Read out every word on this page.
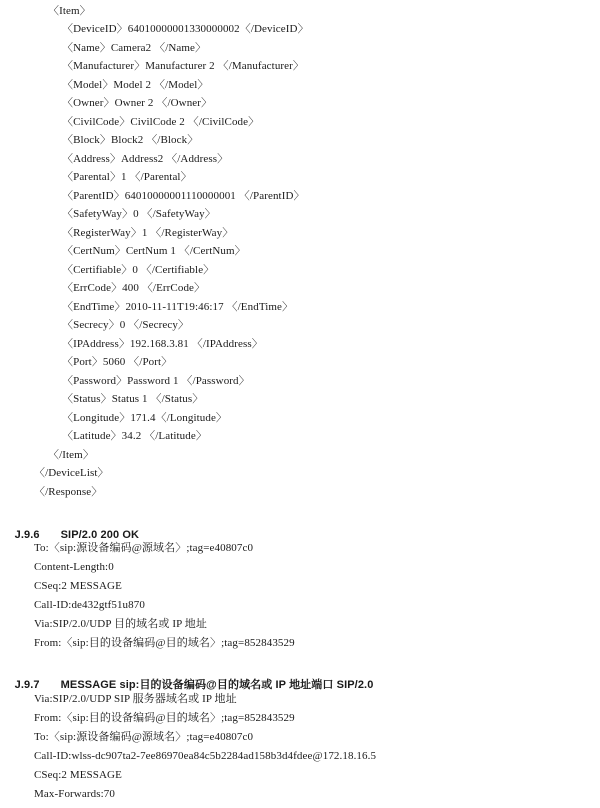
〈Item〉
〈DeviceID〉64010000001330000002〈/DeviceID〉
〈Name〉Camera2 〈/Name〉
〈Manufacturer〉Manufacturer 2 〈/Manufacturer〉
〈Model〉Model 2 〈/Model〉
〈Owner〉Owner 2 〈/Owner〉
〈CivilCode〉CivilCode 2 〈/CivilCode〉
〈Block〉Block2 〈/Block〉
〈Address〉Address2 〈/Address〉
〈Parental〉1 〈/Parental〉
〈ParentID〉64010000001110000001 〈/ParentID〉
〈SafetyWay〉0 〈/SafetyWay〉
〈RegisterWay〉1 〈/RegisterWay〉
〈CertNum〉CertNum 1 〈/CertNum〉
〈Certifiable〉0 〈/Certifiable〉
〈ErrCode〉400 〈/ErrCode〉
〈EndTime〉2010-11-11T19:46:17 〈/EndTime〉
〈Secrecy〉0 〈/Secrecy〉
〈IPAddress〉192.168.3.81 〈/IPAddress〉
〈Port〉5060 〈/Port〉
〈Password〉Password 1 〈/Password〉
〈Status〉Status 1 〈/Status〉
〈Longitude〉171.4〈/Longitude〉
〈Latitude〉34.2 〈/Latitude〉
〈/Item〉
〈/DeviceList〉
〈/Response〉

J.9.6 SIP/2.0 200 OK

To:〈sip:源设备编码@源域名〉;tag=e40807c0
Content-Length:0
CSeq:2 MESSAGE
Call-ID:de432gtf51u870
Via:SIP/2.0/UDP 目的域名或 IP 地址
From:〈sip:目的设备编码@目的域名〉;tag=852843529

J.9.7 MESSAGE sip:目的设备编码@目的域名或 IP 地址端口 SIP/2.0

Via:SIP/2.0/UDP SIP 服务器域名或 IP 地址
From:〈sip:目的设备编码@目的域名〉;tag=852843529
To:〈sip:源设备编码@源域名〉;tag=e40807c0
Call-ID:wlss-dc907ta2-7ee86970ea84c5b2284ad158b3d4fdee@172.18.16.5
CSeq:2 MESSAGE
Max-Forwards:70
